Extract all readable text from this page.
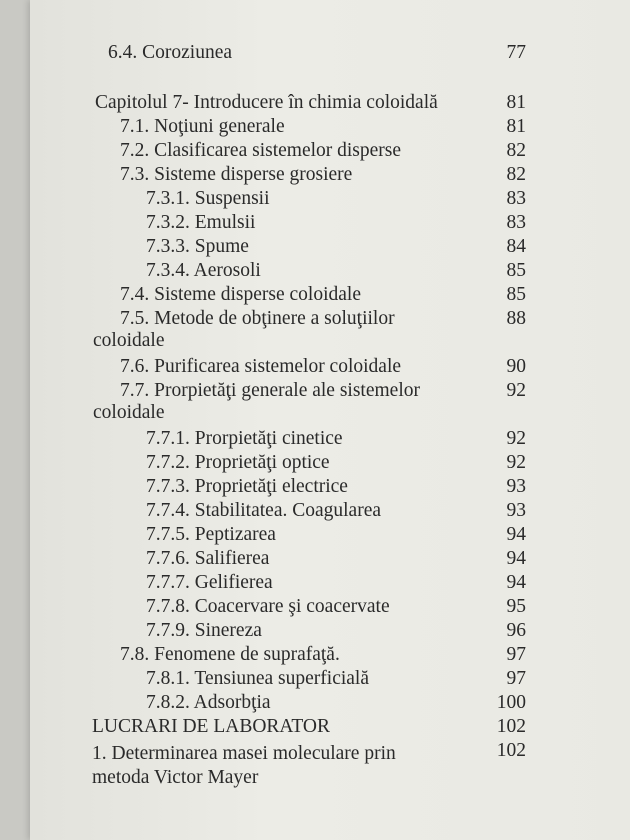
6.4. Coroziunea	77
Capitolul 7- Introducere în chimia coloidală	81
7.1. Noţiuni generale	81
7.2. Clasificarea sistemelor disperse	82
7.3. Sisteme disperse grosiere	82
7.3.1. Suspensii	83
7.3.2. Emulsii	83
7.3.3. Spume	84
7.3.4. Aerosoli	85
7.4. Sisteme disperse coloidale	85
7.5. Metode de obţinere a soluţiilor	88
coloidale
7.6. Purificarea sistemelor coloidale	90
7.7. Prorpietăţi generale ale sistemelor	92
coloidale
7.7.1. Prorpietăţi cinetice	92
7.7.2. Proprietăţi optice	92
7.7.3. Proprietăţi electrice	93
7.7.4. Stabilitatea. Coagularea	93
7.7.5. Peptizarea	94
7.7.6. Salifierea	94
7.7.7. Gelifierea	94
7.7.8. Coacervare şi coacervate	95
7.7.9. Sinereza	96
7.8. Fenomene de suprafaţă.	97
7.8.1. Tensiunea superficială	97
7.8.2. Adsorbţia	100
LUCRARI DE LABORATOR	102
1. Determinarea masei moleculare prin	102
metoda Victor Mayer
